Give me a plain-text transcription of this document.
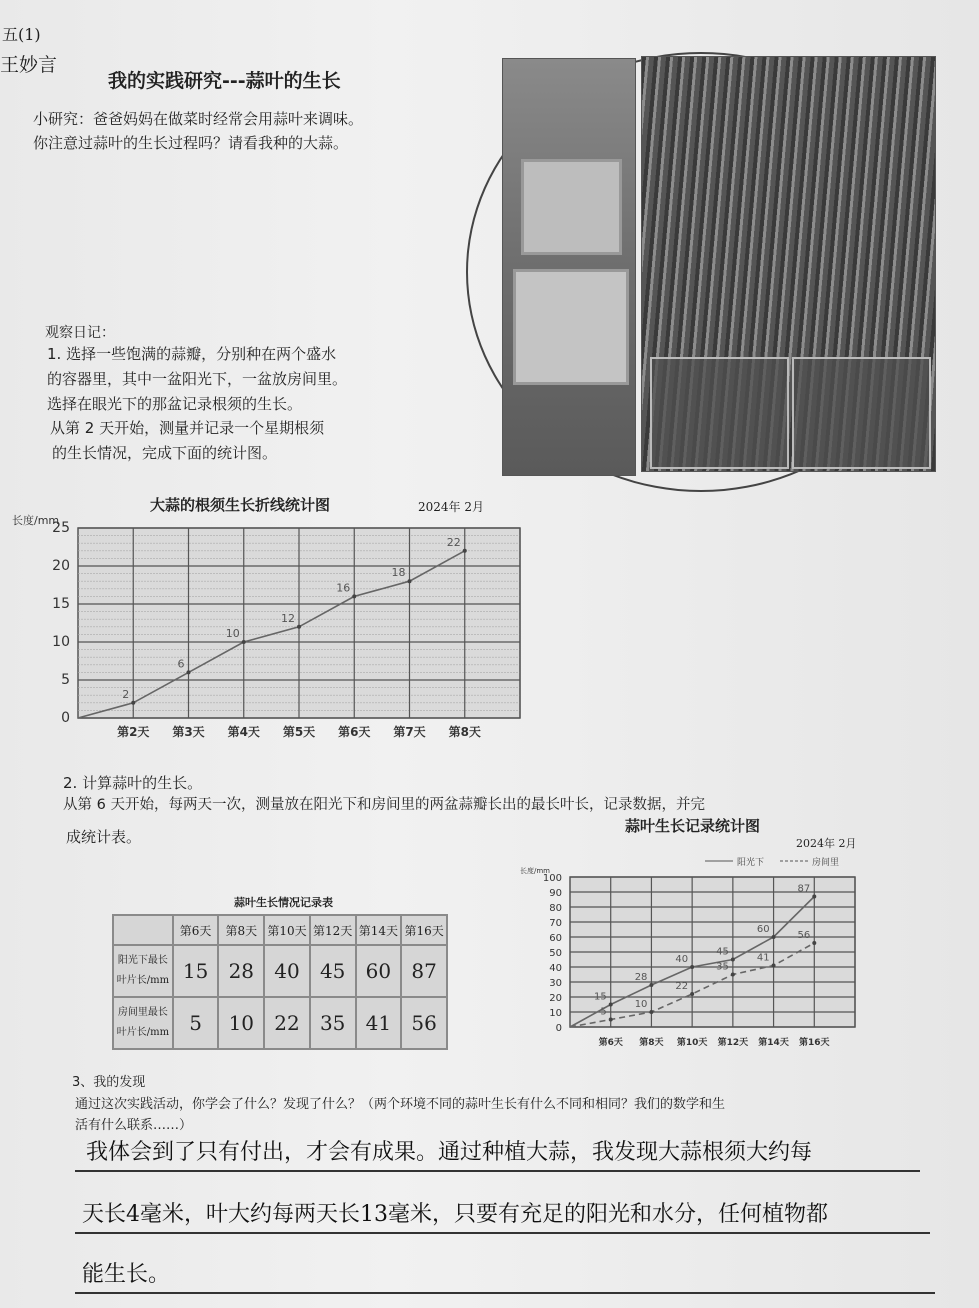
五(1)
王妙言
我的实践研究---蒜叶的生长
小研究：爸爸妈妈在做菜时经常会用蒜叶来调味。
你注意过蒜叶的生长过程吗？请看我种的大蒜。
观察日记：
1. 选择一些饱满的蒜瓣，分别种在两个盛水
的容器里，其中一盆阳光下，一盆放房间里。
选择在眼光下的那盆记录根须的生长。
从第 2 天开始，测量并记录一个星期根须
的生长情况，完成下面的统计图。
大蒜的根须生长折线统计图	2024年 2月
0
5
10
15
20
25
第2天 第3天 第4天 第5天 第6天 第7天 第8天
长度/mm
2
6
10
12
16
18
22
2. 计算蒜叶的生长。
从第 6 天开始，每两天一次，测量放在阳光下和房间里的两盆蒜瓣长出的最长叶长，记录数据，并完
成统计表。
蒜叶生长情况记录表
	第6天	第8天	第10天	第12天	第14天	第16天
阳光下最长
叶片长/mm	15	28	40	45	60	87
房间里最长
叶片长/mm	5	10	22	35	41	56
蒜叶生长记录统计图
2024年 2月
0
10
20
30
40
50
60
70
80
90
100
第6天 第8天 第10天 第12天 第14天 第16天
长度/mm
15
28
40
45
60
87
5
10
22
35
41
56
阳光下	房间里
3、我的发现
通过这次实践活动，你学会了什么？发现了什么？（两个环境不同的蒜叶生长有什么不同和相同？我们的数学和生
活有什么联系……）
我体会到了只有付出，才会有成果。通过种植大蒜，我发现大蒜根须大约每
天长4毫米，叶大约每两天长13毫米，只要有充足的阳光和水分，任何植物都
能生长。
